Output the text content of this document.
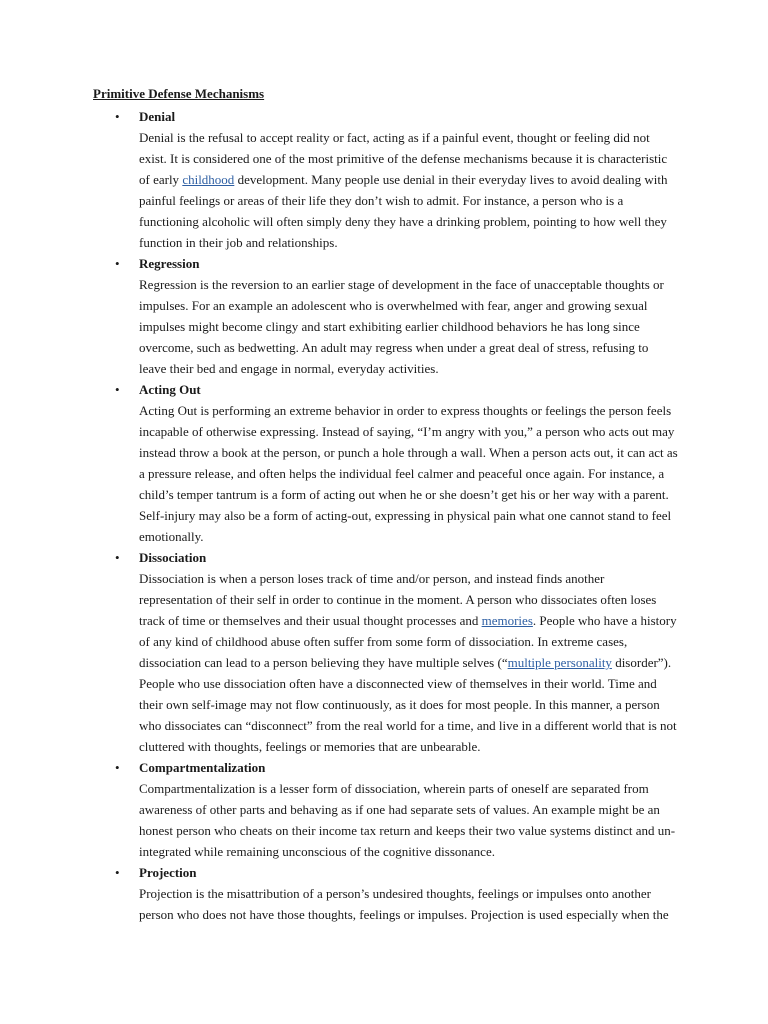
Primitive Defense Mechanisms
• Denial
Denial is the refusal to accept reality or fact, acting as if a painful event, thought or feeling did not
exist. It is considered one of the most primitive of the defense mechanisms because it is characteristic
of early childhood development. Many people use denial in their everyday lives to avoid dealing with
painful feelings or areas of their life they don’t wish to admit. For instance, a person who is a
functioning alcoholic will often simply deny they have a drinking problem, pointing to how well they
function in their job and relationships.
• Regression
Regression is the reversion to an earlier stage of development in the face of unacceptable thoughts or
impulses. For an example an adolescent who is overwhelmed with fear, anger and growing sexual
impulses might become clingy and start exhibiting earlier childhood behaviors he has long since
overcome, such as bedwetting. An adult may regress when under a great deal of stress, refusing to
leave their bed and engage in normal, everyday activities.
• Acting Out
Acting Out is performing an extreme behavior in order to express thoughts or feelings the person feels
incapable of otherwise expressing. Instead of saying, “I’m angry with you,” a person who acts out may
instead throw a book at the person, or punch a hole through a wall. When a person acts out, it can act as
a pressure release, and often helps the individual feel calmer and peaceful once again. For instance, a
child’s temper tantrum is a form of acting out when he or she doesn’t get his or her way with a parent.
Self-injury may also be a form of acting-out, expressing in physical pain what one cannot stand to feel
emotionally.
• Dissociation
Dissociation is when a person loses track of time and/or person, and instead finds another
representation of their self in order to continue in the moment. A person who dissociates often loses
track of time or themselves and their usual thought processes and memories. People who have a history
of any kind of childhood abuse often suffer from some form of dissociation. In extreme cases,
dissociation can lead to a person believing they have multiple selves (“multiple personality disorder”).
People who use dissociation often have a disconnected view of themselves in their world. Time and
their own self-image may not flow continuously, as it does for most people. In this manner, a person
who dissociates can “disconnect” from the real world for a time, and live in a different world that is not
cluttered with thoughts, feelings or memories that are unbearable.
• Compartmentalization
Compartmentalization is a lesser form of dissociation, wherein parts of oneself are separated from
awareness of other parts and behaving as if one had separate sets of values. An example might be an
honest person who cheats on their income tax return and keeps their two value systems distinct and un-
integrated while remaining unconscious of the cognitive dissonance.
• Projection
Projection is the misattribution of a person’s undesired thoughts, feelings or impulses onto another
person who does not have those thoughts, feelings or impulses. Projection is used especially when the
